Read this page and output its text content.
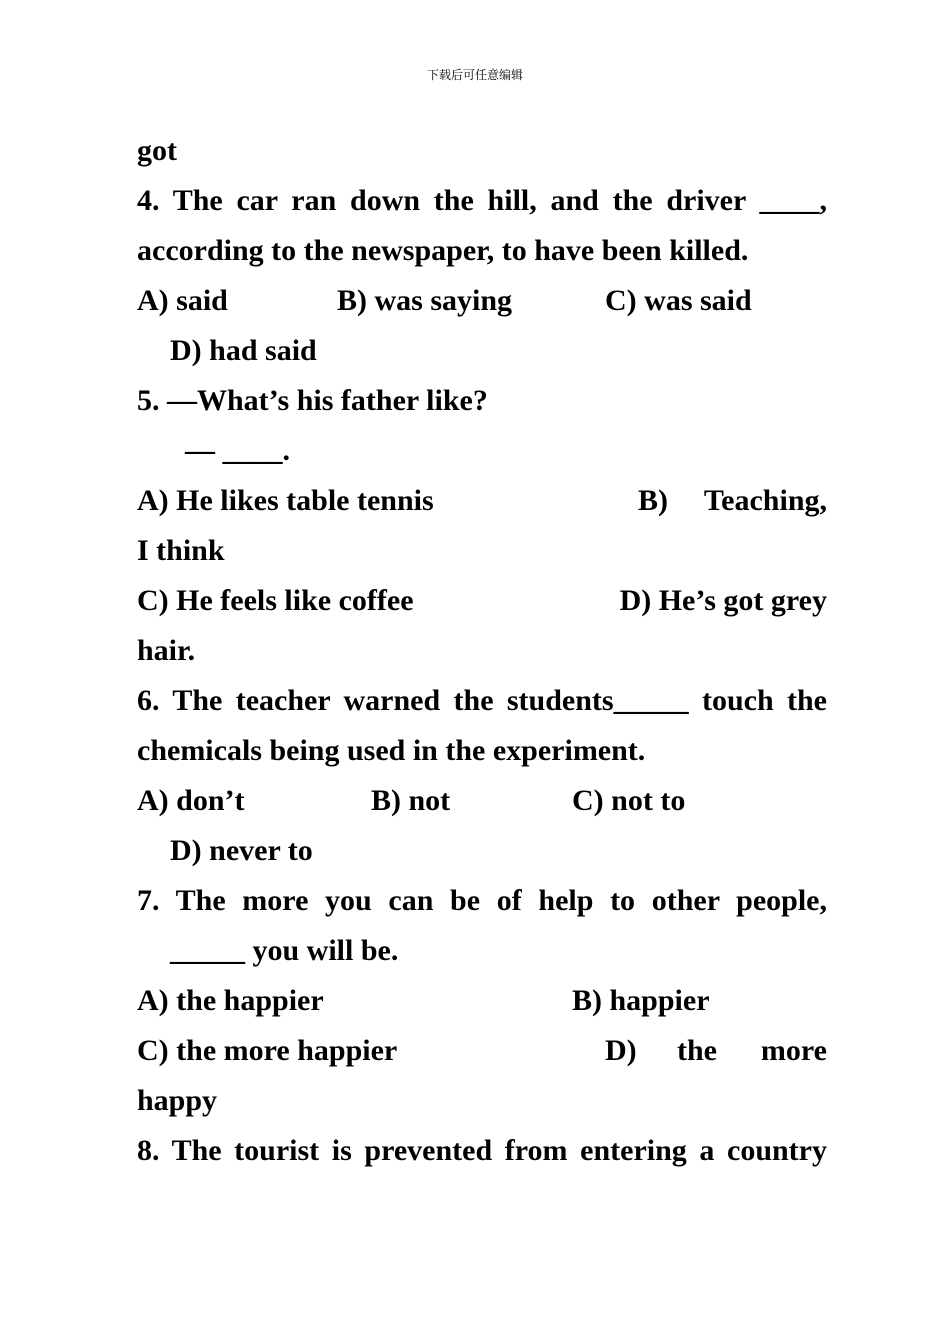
下载后可任意编辑
got
4. The car ran down the hill, and the driver ____,
according to the newspaper, to have been killed.
A) said	B) was saying	C) was said
D) had said
5. —What’s his father like?
— ____.
A) He likes table tennis	B) Teaching,
I think
C) He feels like coffee	D) He’s got grey
hair.
6. The teacher warned the students_____ touch the
chemicals being used in the experiment.
A) don’t	B) not	C) not to
D) never to
7. The more you can be of help to other people,
_____ you will be.
A) the happier	B) happier
C) the more happier	D) the more
happy
8. The tourist is prevented from entering a country
